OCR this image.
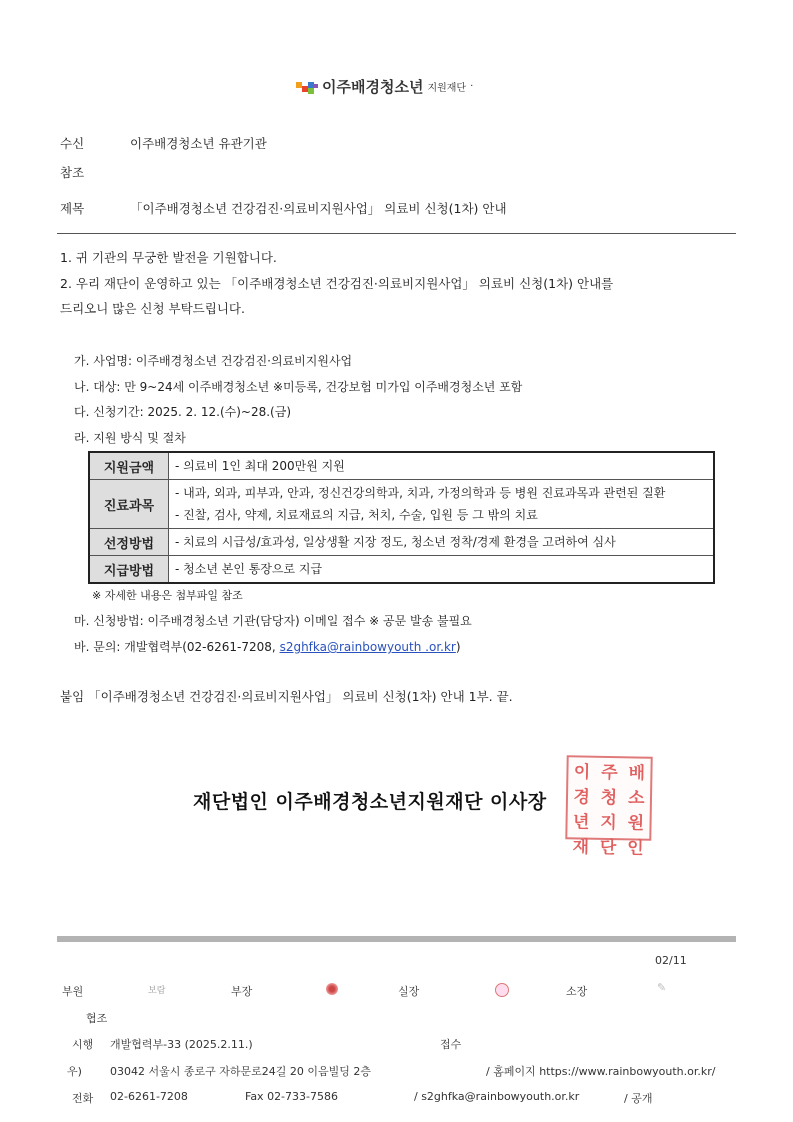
이주배경청소년 지원재단 ·
수신	이주배경청소년 유관기관
참조
제목	「이주배경청소년 건강검진·의료비지원사업」 의료비 신청(1차) 안내
1. 귀 기관의 무궁한 발전을 기원합니다.
2. 우리 재단이 운영하고 있는 「이주배경청소년 건강검진·의료비지원사업」 의료비 신청(1차) 안내를
드리오니 많은 신청 부탁드립니다.
가. 사업명: 이주배경청소년 건강검진·의료비지원사업
나. 대상: 만 9~24세 이주배경청소년 ※미등록, 건강보험 미가입 이주배경청소년 포함
다. 신청기간: 2025. 2. 12.(수)~28.(금)
라. 지원 방식 및 절차
지원금액	- 의료비 1인 최대 200만원 지원
진료과목	- 내과, 외과, 피부과, 안과, 정신건강의학과, 치과, 가정의학과 등 병원 진료과목과 관련된 질환
- 진찰, 검사, 약제, 치료재료의 지급, 처치, 수술, 입원 등 그 밖의 치료

선정방법	- 치료의 시급성/효과성, 일상생활 지장 정도, 청소년 정착/경제 환경을 고려하여 심사
지급방법	- 청소년 본인 통장으로 지급
※ 자세한 내용은 첨부파일 참조
마. 신청방법: 이주배경청소년 기관(담당자) 이메일 접수 ※ 공문 발송 불필요
바. 문의: 개발협력부(02-6261-7208, s2ghfka@rainbowyouth .or.kr)
붙임 「이주배경청소년 건강검진·의료비지원사업」 의료비 신청(1차) 안내 1부. 끝.
재단법인 이주배경청소년지원재단 이사장
이 주 배
경 청 소
년 지 원
재 단 인
02/11
부원	보람	부장	실장	소장	✎
협조
시행 개발협력부-33 (2025.2.11.)	접수
우)	03042 서울시 종로구 자하문로24길 20 이음빌딩 2층	/ 홈페이지 https://www.rainbowyouth.or.kr/
전화 02-6261-7208	Fax 02-733-7586	/ s2ghfka@rainbowyouth.or.kr	/ 공개
